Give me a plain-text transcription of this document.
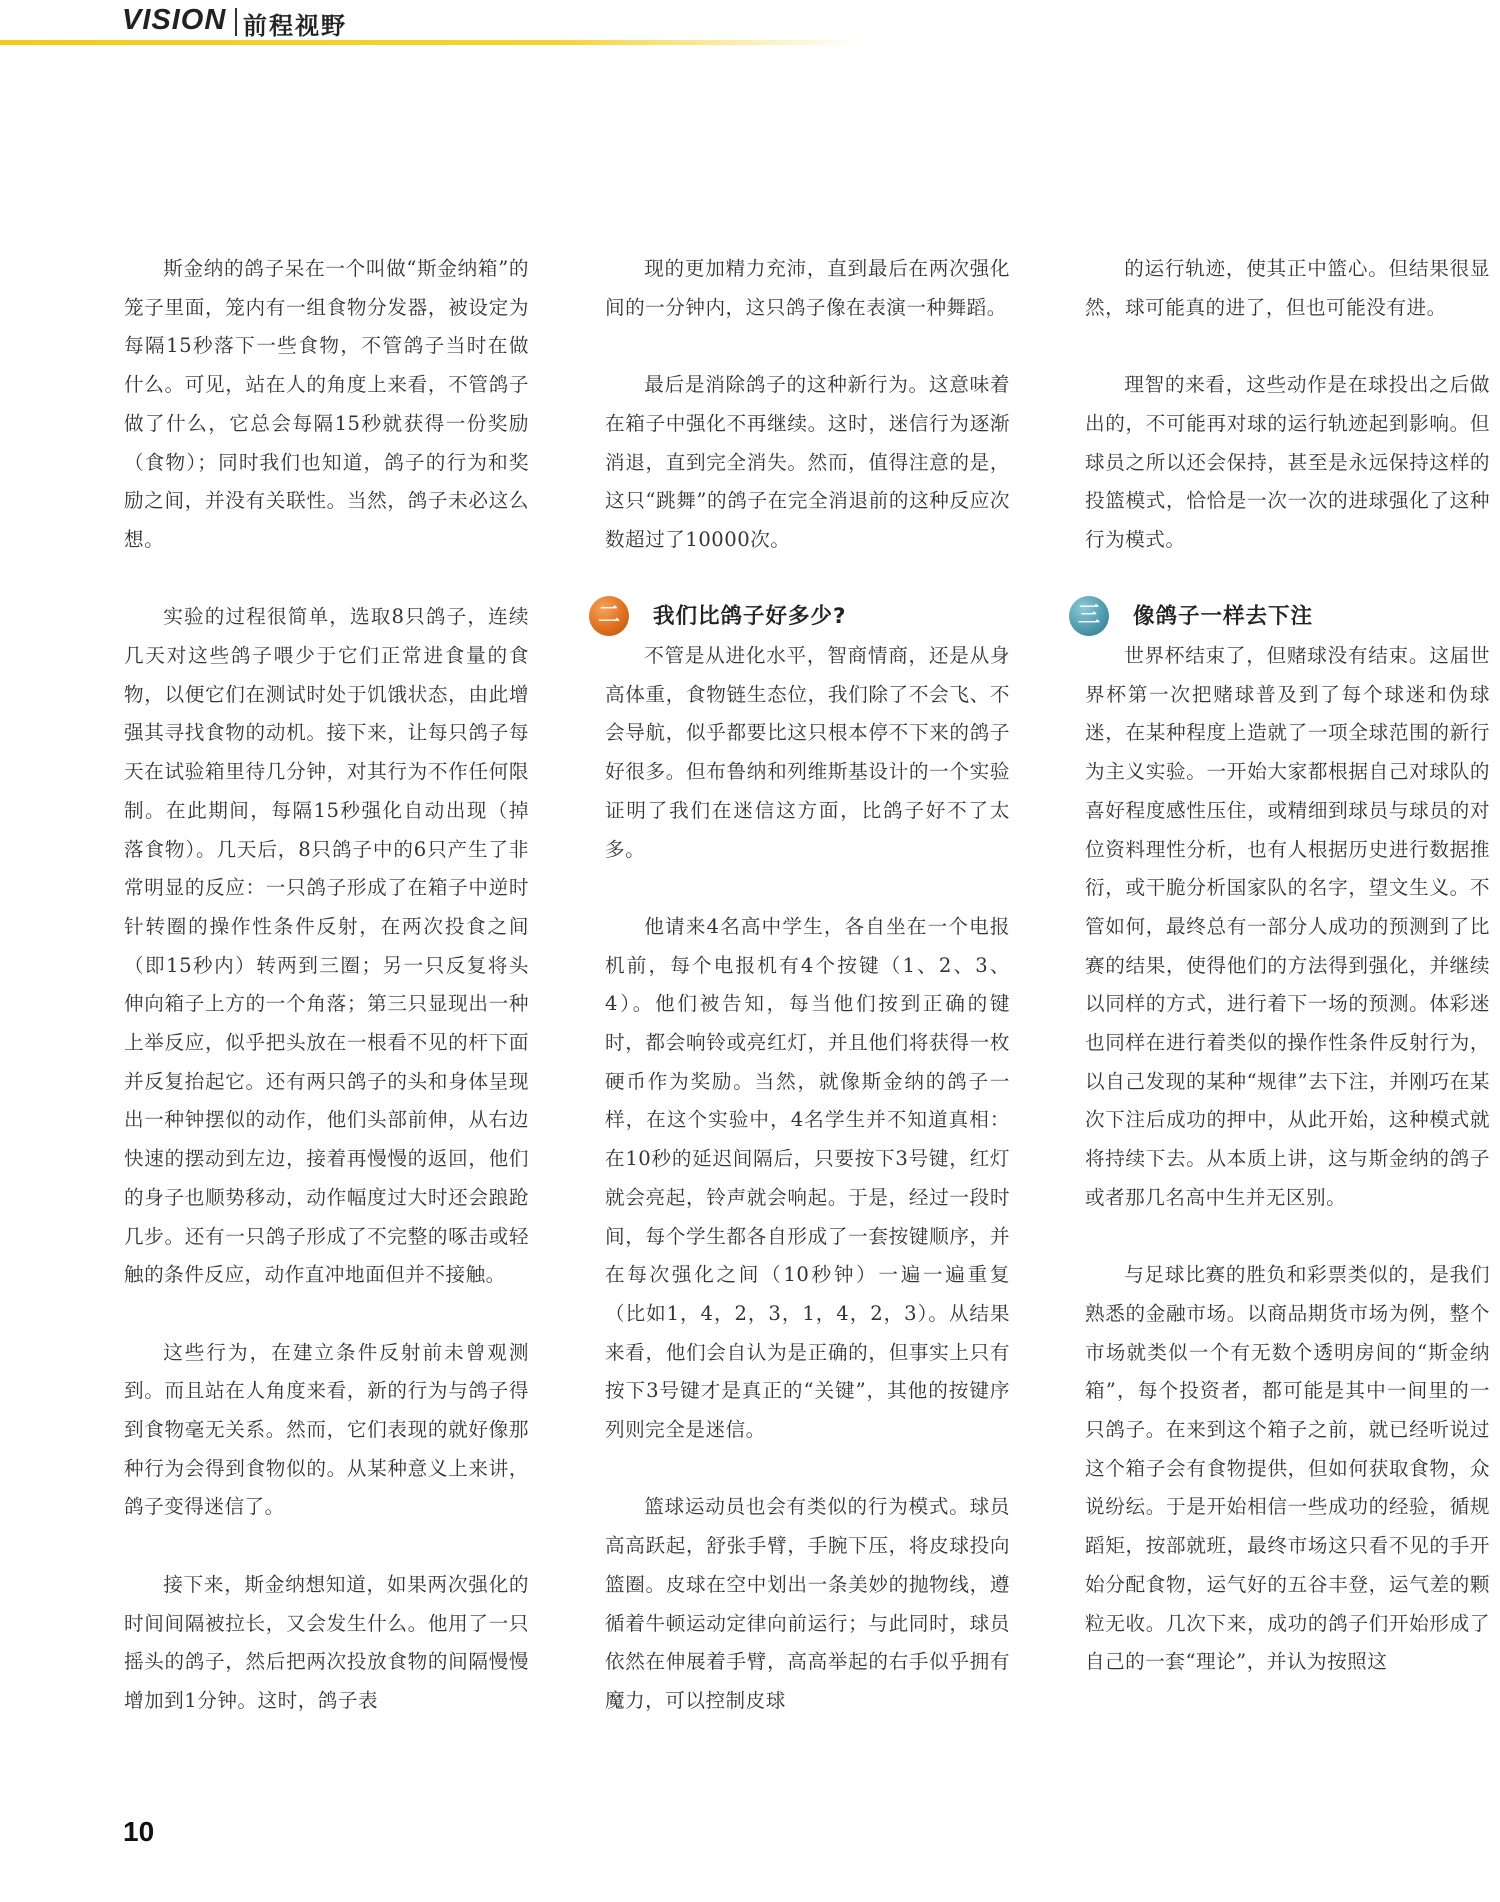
VISION 前程视野

斯金纳的鸽子呆在一个叫做“斯金纳箱”的笼子里面，笼内有一组食物分发器，被设定为每隔15秒落下一些食物，不管鸽子当时在做什么。可见，站在人的角度上来看，不管鸽子做了什么，它总会每隔15秒就获得一份奖励（食物）；同时我们也知道，鸽子的行为和奖励之间，并没有关联性。当然，鸽子未必这么想。

实验的过程很简单，选取8只鸽子，连续几天对这些鸽子喂少于它们正常进食量的食物，以便它们在测试时处于饥饿状态，由此增强其寻找食物的动机。接下来，让每只鸽子每天在试验箱里待几分钟，对其行为不作任何限制。在此期间，每隔15秒强化自动出现（掉落食物）。几天后，8只鸽子中的6只产生了非常明显的反应：一只鸽子形成了在箱子中逆时针转圈的操作性条件反射，在两次投食之间（即15秒内）转两到三圈；另一只反复将头伸向箱子上方的一个角落；第三只显现出一种上举反应，似乎把头放在一根看不见的杆下面并反复抬起它。还有两只鸽子的头和身体呈现出一种钟摆似的动作，他们头部前伸，从右边快速的摆动到左边，接着再慢慢的返回，他们的身子也顺势移动，动作幅度过大时还会踉跄几步。还有一只鸽子形成了不完整的啄击或轻触的条件反应，动作直冲地面但并不接触。

这些行为，在建立条件反射前未曾观测到。而且站在人角度来看，新的行为与鸽子得到食物毫无关系。然而，它们表现的就好像那种行为会得到食物似的。从某种意义上来讲，鸽子变得迷信了。

接下来，斯金纳想知道，如果两次强化的时间间隔被拉长，又会发生什么。他用了一只摇头的鸽子，然后把两次投放食物的间隔慢慢增加到1分钟。这时，鸽子表

现的更加精力充沛，直到最后在两次强化间的一分钟内，这只鸽子像在表演一种舞蹈。

最后是消除鸽子的这种新行为。这意味着在箱子中强化不再继续。这时，迷信行为逐渐消退，直到完全消失。然而，值得注意的是，这只“跳舞”的鸽子在完全消退前的这种反应次数超过了10000次。

二	我们比鸽子好多少?

不管是从进化水平，智商情商，还是从身高体重，食物链生态位，我们除了不会飞、不会导航，似乎都要比这只根本停不下来的鸽子好很多。但布鲁纳和列维斯基设计的一个实验证明了我们在迷信这方面，比鸽子好不了太多。

他请来4名高中学生，各自坐在一个电报机前，每个电报机有4个按键（1、2、3、4）。他们被告知，每当他们按到正确的键时，都会响铃或亮红灯，并且他们将获得一枚硬币作为奖励。当然，就像斯金纳的鸽子一样，在这个实验中，4名学生并不知道真相：在10秒的延迟间隔后，只要按下3号键，红灯就会亮起，铃声就会响起。于是，经过一段时间，每个学生都各自形成了一套按键顺序，并在每次强化之间（10秒钟）一遍一遍重复（比如1，4，2，3，1，4，2，3）。从结果来看，他们会自认为是正确的，但事实上只有按下3号键才是真正的“关键”，其他的按键序列则完全是迷信。

篮球运动员也会有类似的行为模式。球员高高跃起，舒张手臂，手腕下压，将皮球投向篮圈。皮球在空中划出一条美妙的抛物线，遵循着牛顿运动定律向前运行；与此同时，球员依然在伸展着手臂，高高举起的右手似乎拥有魔力，可以控制皮球

的运行轨迹，使其正中篮心。但结果很显然，球可能真的进了，但也可能没有进。

理智的来看，这些动作是在球投出之后做出的，不可能再对球的运行轨迹起到影响。但球员之所以还会保持，甚至是永远保持这样的投篮模式，恰恰是一次一次的进球强化了这种行为模式。

三	像鸽子一样去下注

世界杯结束了，但赌球没有结束。这届世界杯第一次把赌球普及到了每个球迷和伪球迷，在某种程度上造就了一项全球范围的新行为主义实验。一开始大家都根据自己对球队的喜好程度感性压住，或精细到球员与球员的对位资料理性分析，也有人根据历史进行数据推衍，或干脆分析国家队的名字，望文生义。不管如何，最终总有一部分人成功的预测到了比赛的结果，使得他们的方法得到强化，并继续以同样的方式，进行着下一场的预测。体彩迷也同样在进行着类似的操作性条件反射行为，以自己发现的某种“规律”去下注，并刚巧在某次下注后成功的押中，从此开始，这种模式就将持续下去。从本质上讲，这与斯金纳的鸽子或者那几名高中生并无区别。

与足球比赛的胜负和彩票类似的，是我们熟悉的金融市场。以商品期货市场为例，整个市场就类似一个有无数个透明房间的“斯金纳箱”，每个投资者，都可能是其中一间里的一只鸽子。在来到这个箱子之前，就已经听说过这个箱子会有食物提供，但如何获取食物，众说纷纭。于是开始相信一些成功的经验，循规蹈矩，按部就班，最终市场这只看不见的手开始分配食物，运气好的五谷丰登，运气差的颗粒无收。几次下来，成功的鸽子们开始形成了自己的一套“理论”，并认为按照这

10
